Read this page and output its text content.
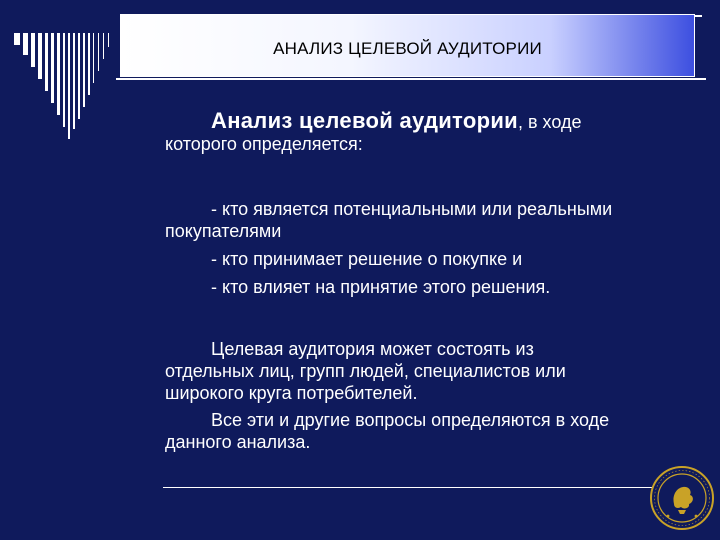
АНАЛИЗ ЦЕЛЕВОЙ АУДИТОРИИ
Анализ целевой аудитории, в ходе
которого определяется:
- кто является потенциальными или реальными
покупателями
- кто принимает решение о покупке и
- кто влияет на принятие этого решения.
Целевая аудитория может состоять из
отдельных лиц, групп людей, специалистов или
широкого круга потребителей.
Все эти и другие вопросы определяются в ходе
данного анализа.
